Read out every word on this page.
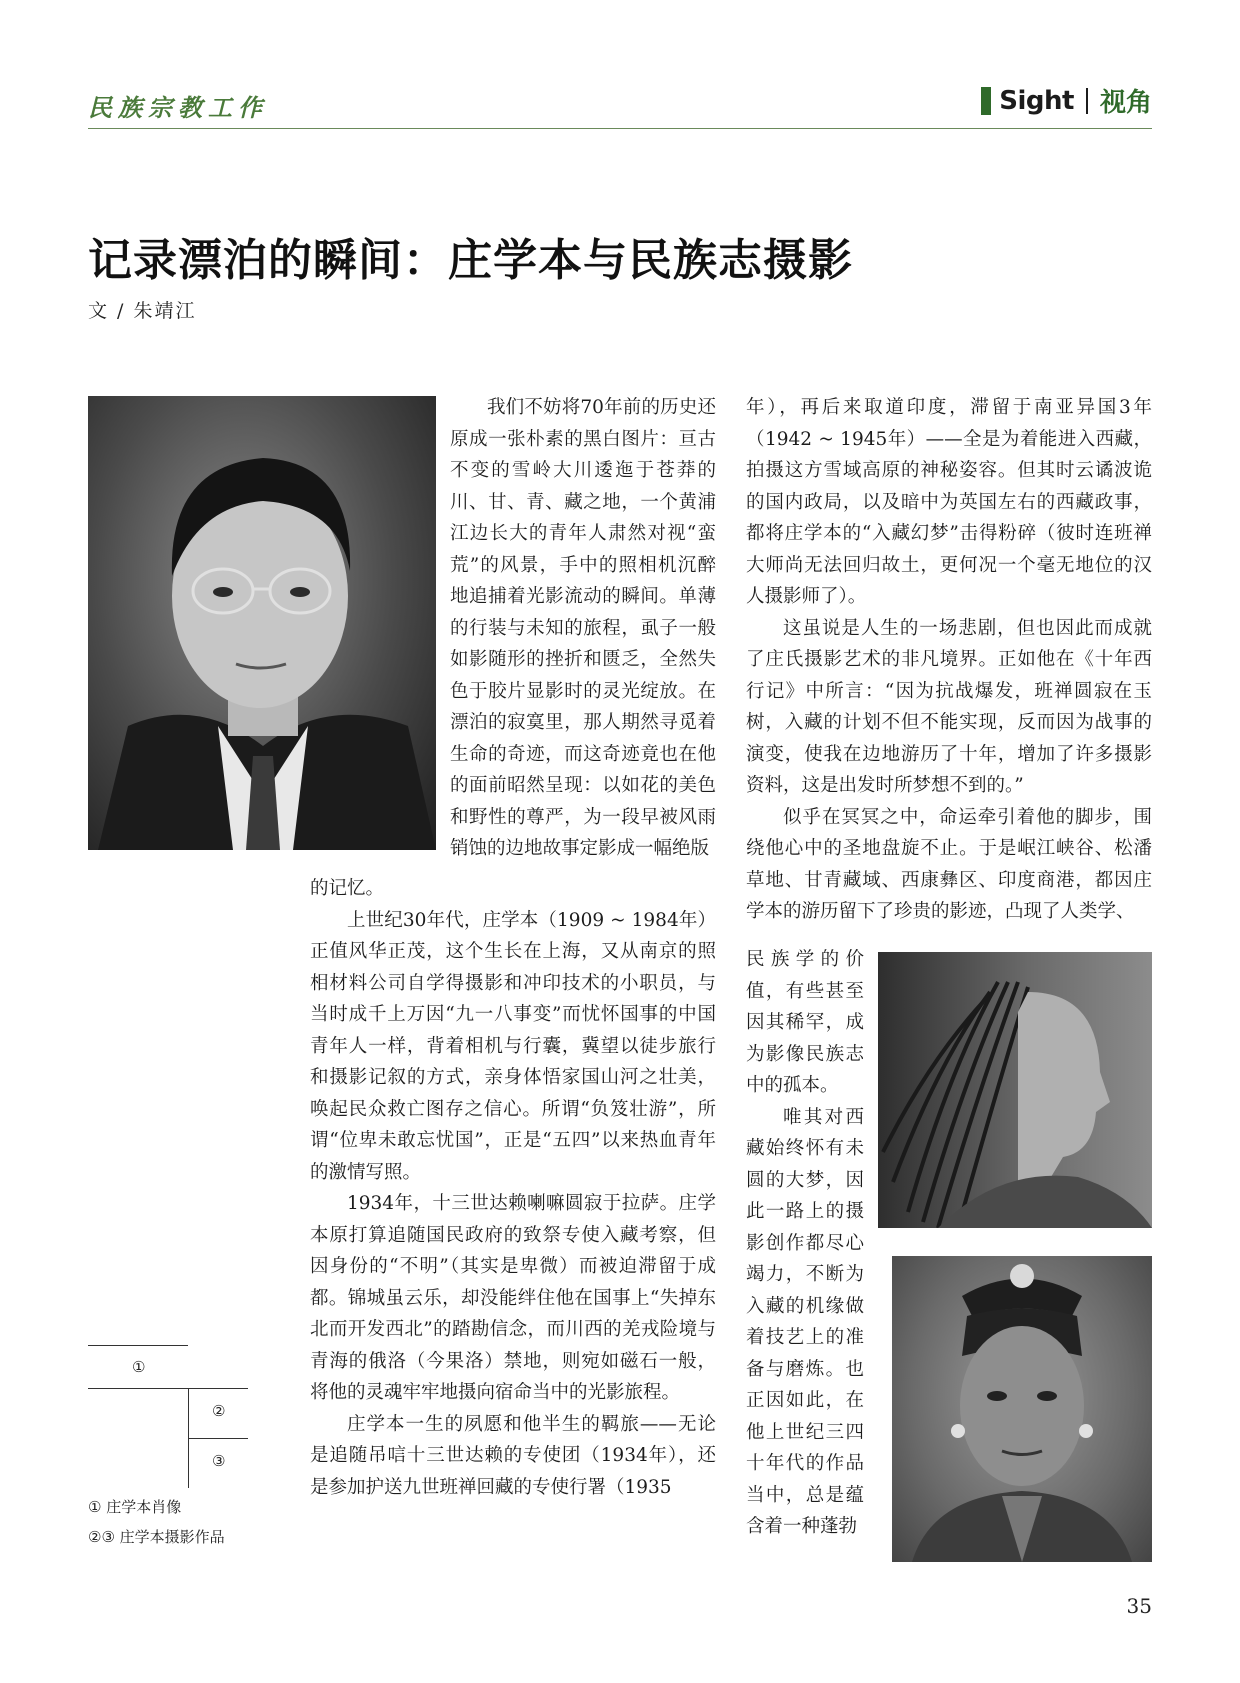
民族宗教工作	Sight 视角
记录漂泊的瞬间：庄学本与民族志摄影
文 / 朱靖江

我们不妨将70年前的历史还原成一张朴素的黑白图片：亘古不变的雪岭大川逶迤于苍莽的川、甘、青、藏之地，一个黄浦江边长大的青年人肃然对视“蛮荒”的风景，手中的照相机沉醉地追捕着光影流动的瞬间。单薄的行装与未知的旅程，虱子一般如影随形的挫折和匮乏，全然失色于胶片显影时的灵光绽放。在漂泊的寂寞里，那人期然寻觅着生命的奇迹，而这奇迹竟也在他的面前昭然呈现：以如花的美色和野性的尊严，为一段早被风雨销蚀的边地故事定影成一幅绝版

的记忆。

上世纪30年代，庄学本（1909 ~ 1984年）正值风华正茂，这个生长在上海，又从南京的照相材料公司自学得摄影和冲印技术的小职员，与当时成千上万因“九一八事变”而忧怀国事的中国青年人一样，背着相机与行囊，冀望以徒步旅行和摄影记叙的方式，亲身体悟家国山河之壮美，唤起民众救亡图存之信心。所谓“负笈壮游”，所谓“位卑未敢忘忧国”，正是“五四”以来热血青年的激情写照。

1934年，十三世达赖喇嘛圆寂于拉萨。庄学本原打算追随国民政府的致祭专使入藏考察，但因身份的“不明”（其实是卑微）而被迫滞留于成都。锦城虽云乐，却没能绊住他在国事上“失掉东北而开发西北”的踏勘信念，而川西的羌戎险境与青海的俄洛（今果洛）禁地，则宛如磁石一般，将他的灵魂牢牢地摄向宿命当中的光影旅程。

庄学本一生的夙愿和他半生的羁旅——无论是追随吊唁十三世达赖的专使团（1934年），还是参加护送九世班禅回藏的专使行署（1935

年），再后来取道印度，滞留于南亚异国3年（1942 ~ 1945年）——全是为着能进入西藏，拍摄这方雪域高原的神秘姿容。但其时云谲波诡的国内政局，以及暗中为英国左右的西藏政事，都将庄学本的“入藏幻梦”击得粉碎（彼时连班禅大师尚无法回归故土，更何况一个毫无地位的汉人摄影师了）。

这虽说是人生的一场悲剧，但也因此而成就了庄氏摄影艺术的非凡境界。正如他在《十年西行记》中所言：“因为抗战爆发，班禅圆寂在玉树，入藏的计划不但不能实现，反而因为战事的演变，使我在边地游历了十年，增加了许多摄影资料，这是出发时所梦想不到的。”

似乎在冥冥之中，命运牵引着他的脚步，围绕他心中的圣地盘旋不止。于是岷江峡谷、松潘草地、甘青藏域、西康彝区、印度商港，都因庄学本的游历留下了珍贵的影迹，凸现了人类学、

民族学的价值，有些甚至因其稀罕，成为影像民族志中的孤本。

唯其对西藏始终怀有未圆的大梦，因此一路上的摄影创作都尽心竭力，不断为入藏的机缘做着技艺上的准备与磨炼。也正因如此，在他上世纪三四十年代的作品当中，总是蕴含着一种蓬勃

①
②
③
① 庄学本肖像
②③ 庄学本摄影作品
35
